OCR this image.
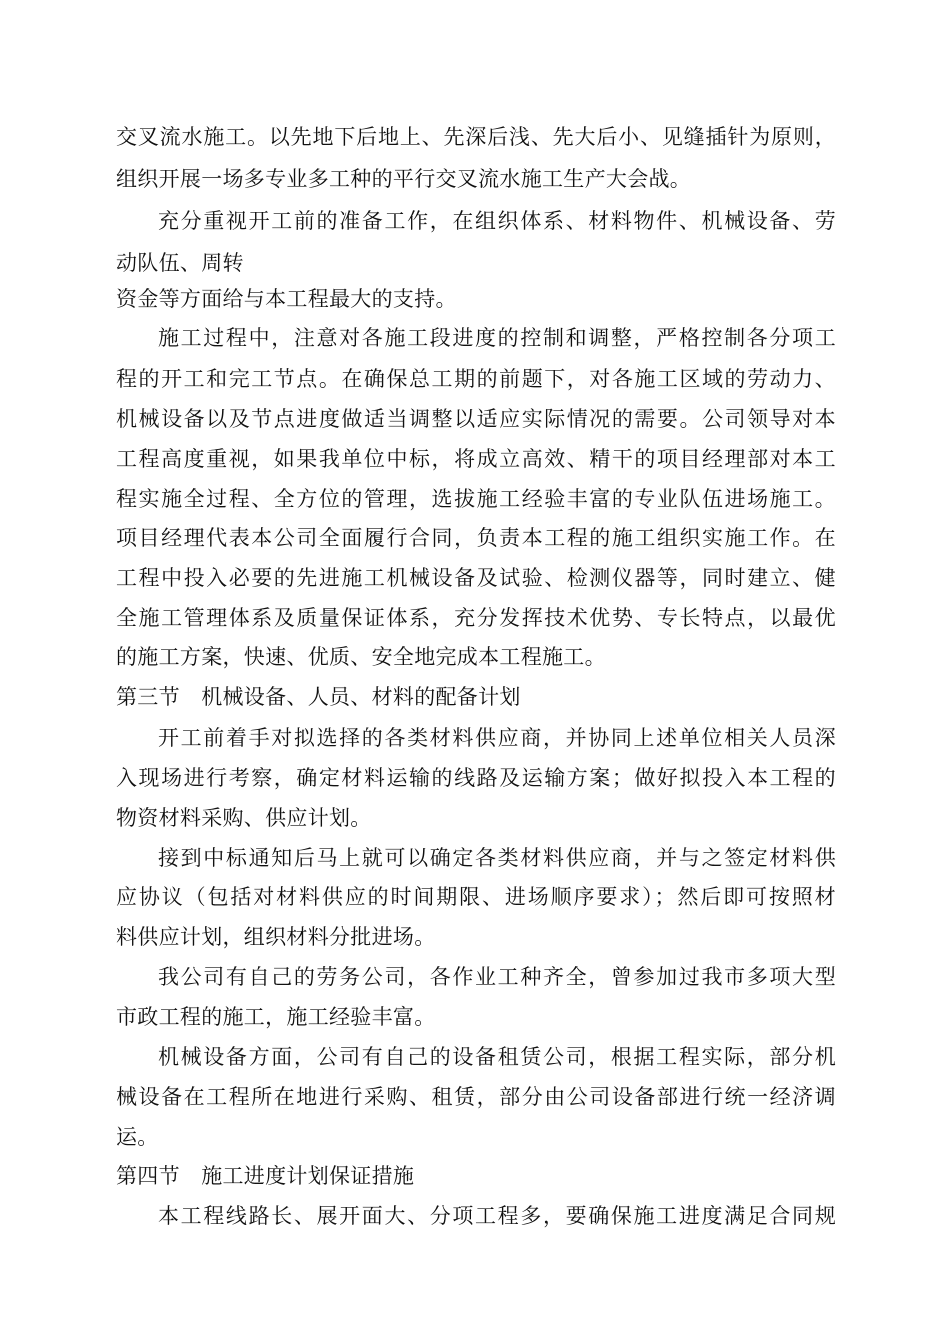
交叉流水施工。以先地下后地上、先深后浅、先大后小、见缝插针为原则，
组织开展一场多专业多工种的平行交叉流水施工生产大会战。
充分重视开工前的准备工作，在组织体系、材料物件、机械设备、劳
动队伍、周转
资金等方面给与本工程最大的支持。
施工过程中，注意对各施工段进度的控制和调整，严格控制各分项工
程的开工和完工节点。在确保总工期的前题下，对各施工区域的劳动力、
机械设备以及节点进度做适当调整以适应实际情况的需要。公司领导对本
工程高度重视，如果我单位中标，将成立高效、精干的项目经理部对本工
程实施全过程、全方位的管理，选拔施工经验丰富的专业队伍进场施工。
项目经理代表本公司全面履行合同，负责本工程的施工组织实施工作。在
工程中投入必要的先进施工机械设备及试验、检测仪器等，同时建立、健
全施工管理体系及质量保证体系，充分发挥技术优势、专长特点，以最优
的施工方案，快速、优质、安全地完成本工程施工。
第三节　机械设备、人员、材料的配备计划
开工前着手对拟选择的各类材料供应商，并协同上述单位相关人员深
入现场进行考察，确定材料运输的线路及运输方案；做好拟投入本工程的
物资材料采购、供应计划。
接到中标通知后马上就可以确定各类材料供应商，并与之签定材料供
应协议（包括对材料供应的时间期限、进场顺序要求）；然后即可按照材
料供应计划，组织材料分批进场。
我公司有自己的劳务公司，各作业工种齐全，曾参加过我市多项大型
市政工程的施工，施工经验丰富。
机械设备方面，公司有自己的设备租赁公司，根据工程实际，部分机
械设备在工程所在地进行采购、租赁，部分由公司设备部进行统一经济调
运。
第四节　施工进度计划保证措施
本工程线路长、展开面大、分项工程多，要确保施工进度满足合同规
